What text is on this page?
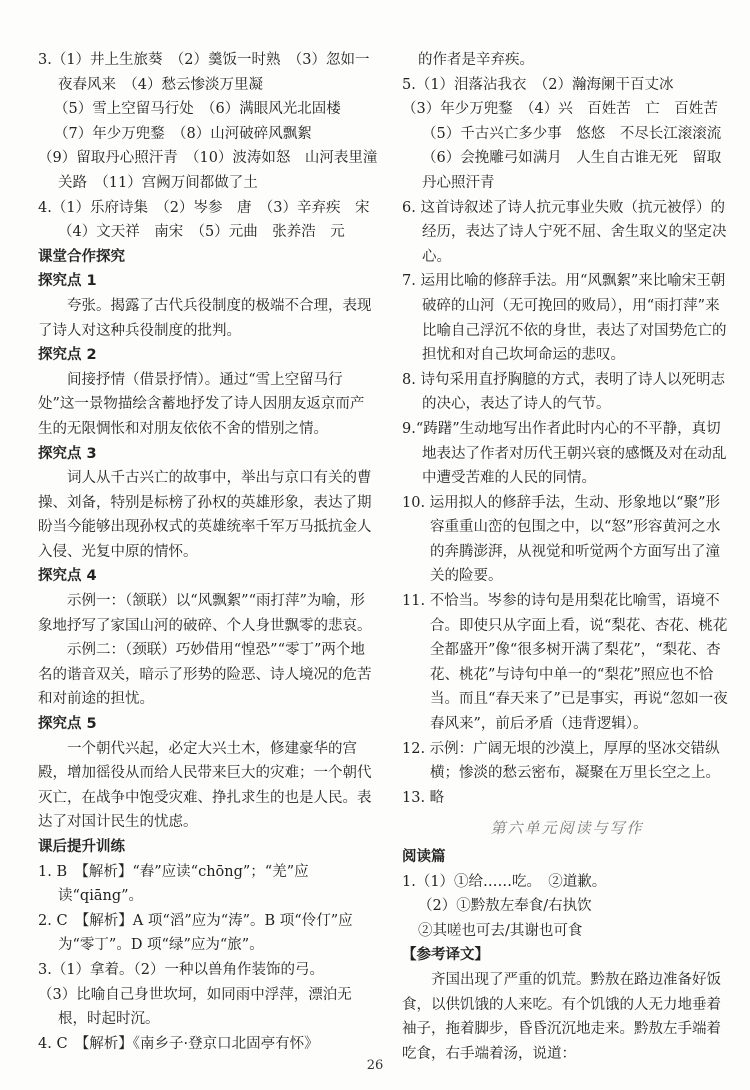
3.（1）井上生旅葵　（2）羹饭一时熟　（3）忽如一夜春风来　（4）愁云惨淡万里凝

（5）雪上空留马行处　（6）满眼风光北固楼

（7）年少万兜鍪　（8）山河破碎风飘絮

（9）留取丹心照汗青　（10）波涛如怒　山河表里潼关路　（11）宫阙万间都做了土

4.（1）乐府诗集　（2）岑参　唐　（3）辛弃疾　宋　（4）文天祥　南宋　（5）元曲　张养浩　元

课堂合作探究

探究点 1

夸张。揭露了古代兵役制度的极端不合理，表现了诗人对这种兵役制度的批判。

探究点 2

间接抒情（借景抒情）。通过“雪上空留马行处”这一景物描绘含蓄地抒发了诗人因朋友返京而产生的无限惆怅和对朋友依依不舍的惜别之情。

探究点 3

词人从千古兴亡的故事中，举出与京口有关的曹操、刘备，特别是标榜了孙权的英雄形象，表达了期盼当今能够出现孙权式的英雄统率千军万马抵抗金人入侵、光复中原的情怀。

探究点 4

示例一：（颔联）以“风飘絮”“雨打萍”为喻，形象地抒写了家国山河的破碎、个人身世飘零的悲哀。

示例二：（颈联）巧妙借用“惶恐”“零丁”两个地名的谐音双关，暗示了形势的险恶、诗人境况的危苦和对前途的担忧。

探究点 5

一个朝代兴起，必定大兴土木，修建豪华的宫殿，增加徭役从而给人民带来巨大的灾难；一个朝代灭亡，在战争中饱受灾难、挣扎求生的也是人民。表达了对国计民生的忧虑。

课后提升训练

1. B　【解析】“舂”应读“chōng”；“羌”应读“qiāng”。

2. C　【解析】A 项“滔”应为“涛”。B 项“伶仃”应为“零丁”。D 项“绿”应为“旅”。

3.（1）拿着。（2）一种以兽角作装饰的弓。

（3）比喻自己身世坎坷，如同雨中浮萍，漂泊无根，时起时沉。

4. C　【解析】《南乡子·登京口北固亭有怀》

的作者是辛弃疾。

5.（1）泪落沾我衣　（2）瀚海阑干百丈冰

（3）年少万兜鍪　（4）兴　百姓苦　亡　百姓苦　（5）千古兴亡多少事　悠悠　不尽长江滚滚流　（6）会挽雕弓如满月　人生自古谁无死　留取丹心照汗青

6. 这首诗叙述了诗人抗元事业失败（抗元被俘）的经历，表达了诗人宁死不屈、舍生取义的坚定决心。

7. 运用比喻的修辞手法。用“风飘絮”来比喻宋王朝破碎的山河（无可挽回的败局），用“雨打萍”来比喻自己浮沉不依的身世，表达了对国势危亡的担忧和对自己坎坷命运的悲叹。

8. 诗句采用直抒胸臆的方式，表明了诗人以死明志的决心，表达了诗人的气节。

9.“踌躇”生动地写出作者此时内心的不平静，真切地表达了作者对历代王朝兴衰的感慨及对在动乱中遭受苦难的人民的同情。

10. 运用拟人的修辞手法，生动、形象地以“聚”形容重重山峦的包围之中，以“怒”形容黄河之水的奔腾澎湃，从视觉和听觉两个方面写出了潼关的险要。

11. 不恰当。岑参的诗句是用梨花比喻雪，语境不合。即使只从字面上看，说“梨花、杏花、桃花全都盛开”像“很多树开满了梨花”，“梨花、杏花、桃花”与诗句中单一的“梨花”照应也不恰当。而且“春天来了”已是事实，再说“忽如一夜春风来”，前后矛盾（违背逻辑）。

12. 示例：广阔无垠的沙漠上，厚厚的坚冰交错纵横；惨淡的愁云密布，凝聚在万里长空之上。

13. 略

第六单元阅读与写作

阅读篇

1.（1）①给……吃。　②道歉。

（2）①黔敖左奉食/右执饮

②其嗟也可去/其谢也可食

【参考译文】

齐国出现了严重的饥荒。黔敖在路边准备好饭食，以供饥饿的人来吃。有个饥饿的人无力地垂着袖子，拖着脚步，昏昏沉沉地走来。黔敖左手端着吃食，右手端着汤，说道：

26
